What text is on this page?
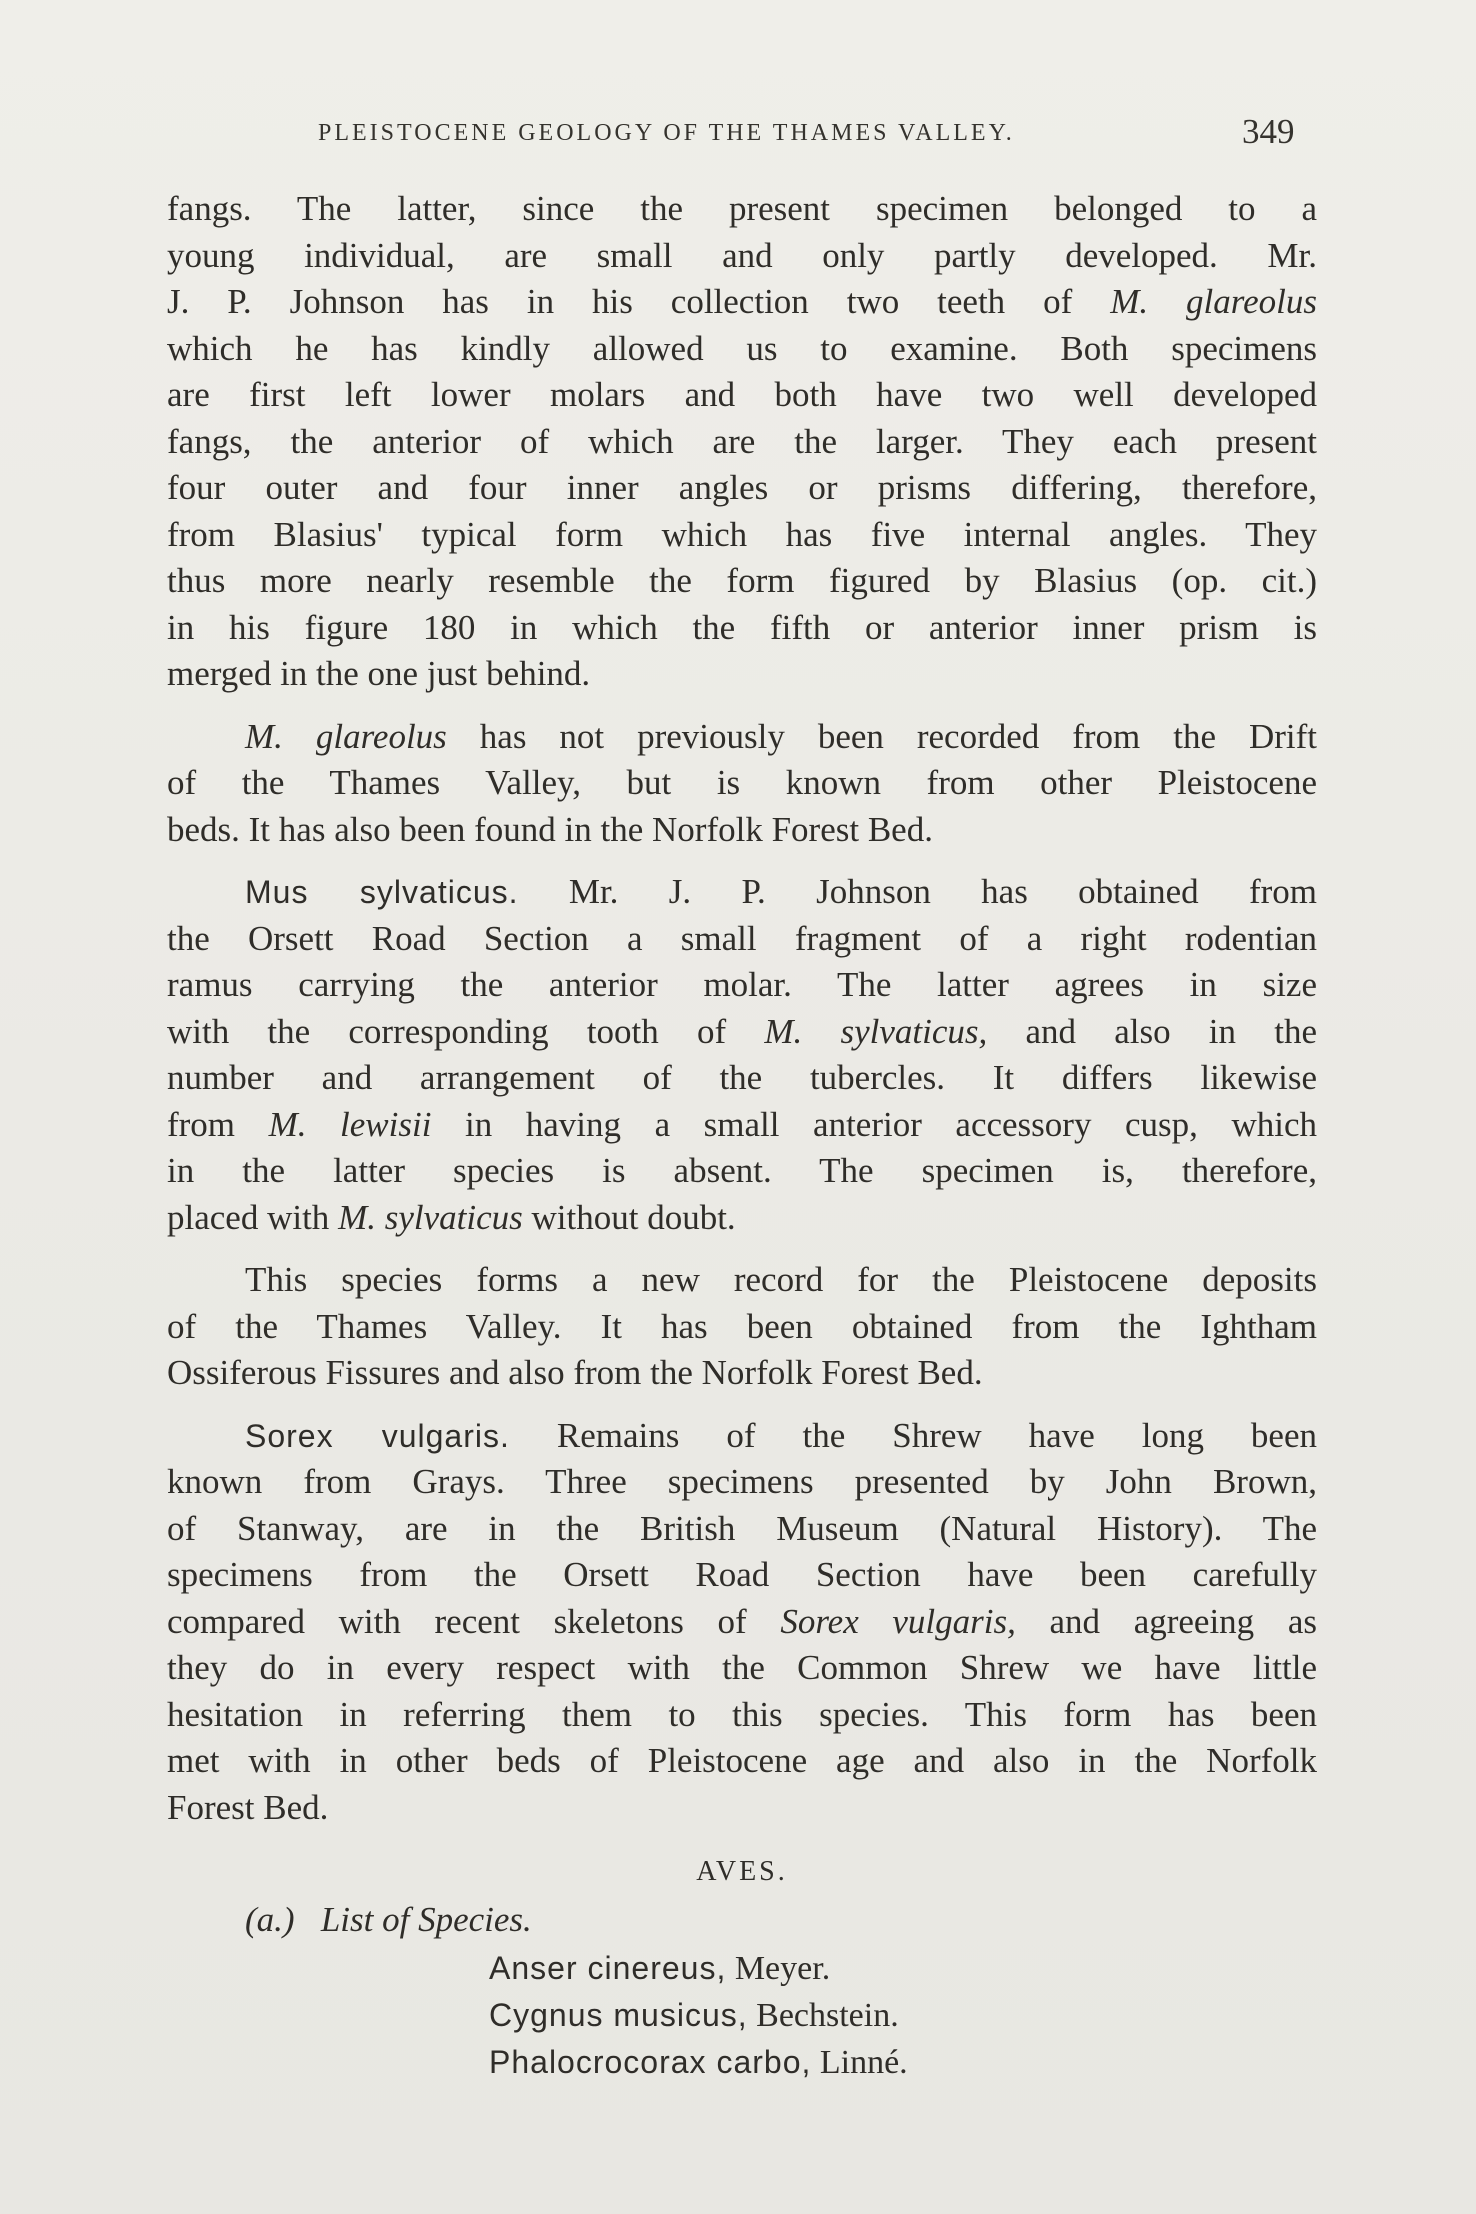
PLEISTOCENE GEOLOGY OF THE THAMES VALLEY.	349
fangs. The latter, since the present specimen belonged to a
young individual, are small and only partly developed. Mr.
J. P. Johnson has in his collection two teeth of M. glareolus
which he has kindly allowed us to examine. Both specimens
are first left lower molars and both have two well developed
fangs, the anterior of which are the larger. They each present
four outer and four inner angles or prisms differing, therefore,
from Blasius' typical form which has five internal angles. They
thus more nearly resemble the form figured by Blasius (op. cit.)
in his figure 180 in which the fifth or anterior inner prism is
merged in the one just behind.
M. glareolus has not previously been recorded from the Drift
of the Thames Valley, but is known from other Pleistocene
beds. It has also been found in the Norfolk Forest Bed.
Mus sylvaticus. Mr. J. P. Johnson has obtained from
the Orsett Road Section a small fragment of a right rodentian
ramus carrying the anterior molar. The latter agrees in size
with the corresponding tooth of M. sylvaticus, and also in the
number and arrangement of the tubercles. It differs likewise
from M. lewisii in having a small anterior accessory cusp, which
in the latter species is absent. The specimen is, therefore,
placed with M. sylvaticus without doubt.
This species forms a new record for the Pleistocene deposits
of the Thames Valley. It has been obtained from the Ightham
Ossiferous Fissures and also from the Norfolk Forest Bed.
Sorex vulgaris. Remains of the Shrew have long been
known from Grays. Three specimens presented by John Brown,
of Stanway, are in the British Museum (Natural History). The
specimens from the Orsett Road Section have been carefully
compared with recent skeletons of Sorex vulgaris, and agreeing as
they do in every respect with the Common Shrew we have little
hesitation in referring them to this species. This form has been
met with in other beds of Pleistocene age and also in the Norfolk
Forest Bed.
AVES.
(a.) List of Species.
Anser cinereus, Meyer.
Cygnus musicus, Bechstein.
Phalocrocorax carbo, Linné.
